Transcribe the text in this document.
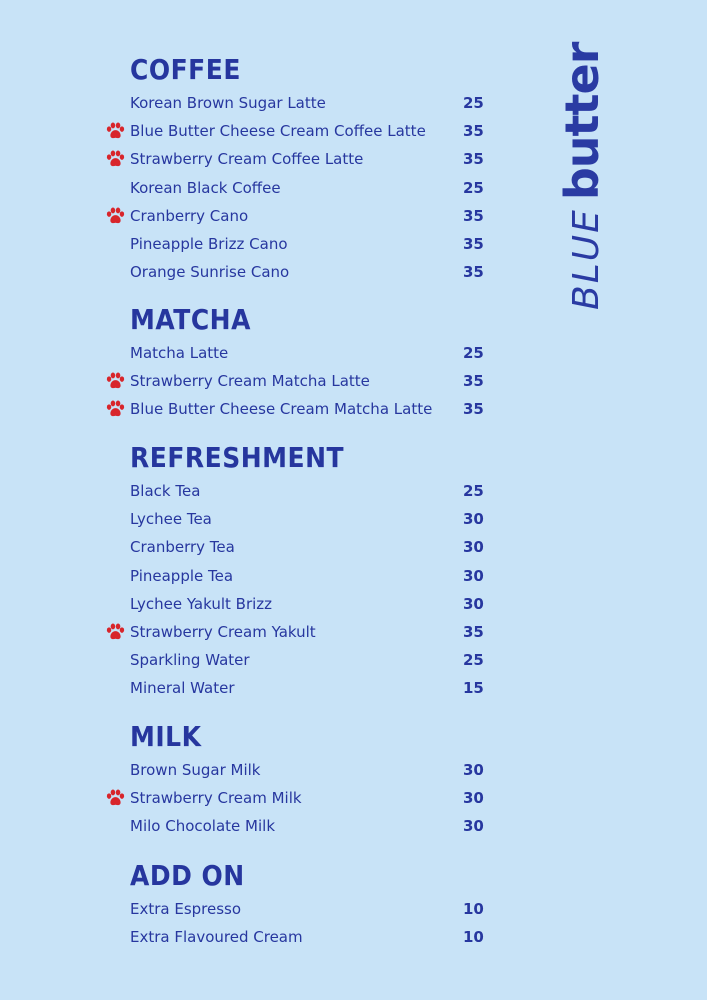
COFFEE
Korean Brown Sugar Latte	25
Blue Butter Cheese Cream Coffee Latte 35
Strawberry Cream Coffee Latte	35
Korean Black Coffee	25
Cranberry Cano	35
Pineapple Brizz Cano	35
Orange Sunrise Cano	35
MATCHA
Matcha Latte	25
Strawberry Cream Matcha Latte	35
Blue Butter Cheese Cream Matcha Latte 35
REFRESHMENT
Black Tea	25
Lychee Tea	30
Cranberry Tea	30
Pineapple Tea	30
Lychee Yakult Brizz	30
Strawberry Cream Yakult	35
Sparkling Water	25
Mineral Water	15
MILK
Brown Sugar Milk	30
Strawberry Cream Milk	30
Milo Chocolate Milk	30
ADD ON
Extra Espresso	10
Extra Flavoured Cream	10
BLUEbutter
